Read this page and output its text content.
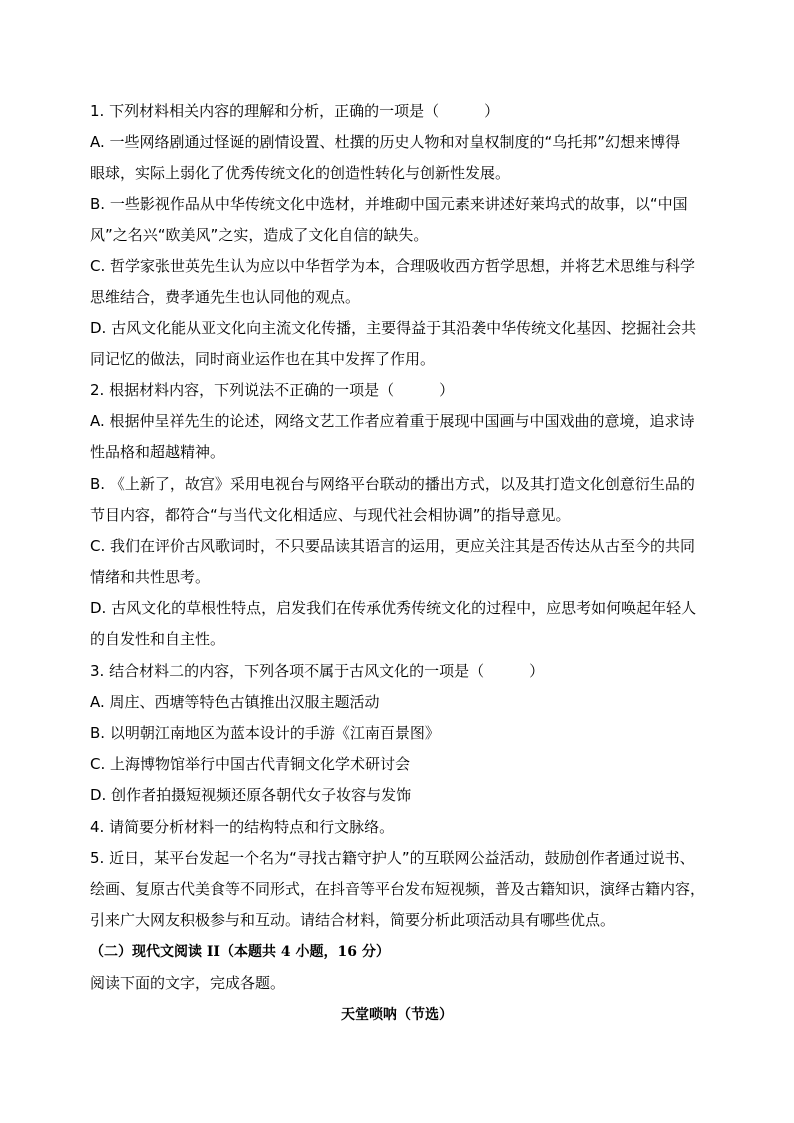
1. 下列材料相关内容的理解和分析，正确的一项是（　　　）
A. 一些网络剧通过怪诞的剧情设置、杜撰的历史人物和对皇权制度的“乌托邦”幻想来博得
眼球，实际上弱化了优秀传统文化的创造性转化与创新性发展。
B. 一些影视作品从中华传统文化中选材，并堆砌中国元素来讲述好莱坞式的故事，以“中国
风”之名兴“欧美风”之实，造成了文化自信的缺失。
C. 哲学家张世英先生认为应以中华哲学为本，合理吸收西方哲学思想，并将艺术思维与科学
思维结合，费孝通先生也认同他的观点。
D. 古风文化能从亚文化向主流文化传播，主要得益于其沿袭中华传统文化基因、挖掘社会共
同记忆的做法，同时商业运作也在其中发挥了作用。
2. 根据材料内容，下列说法不正确的一项是（　　　）
A. 根据仲呈祥先生的论述，网络文艺工作者应着重于展现中国画与中国戏曲的意境，追求诗
性品格和超越精神。
B. 《上新了，故宫》采用电视台与网络平台联动的播出方式，以及其打造文化创意衍生品的
节目内容，都符合“与当代文化相适应、与现代社会相协调”的指导意见。
C. 我们在评价古风歌词时，不只要品读其语言的运用，更应关注其是否传达从古至今的共同
情绪和共性思考。
D. 古风文化的草根性特点，启发我们在传承优秀传统文化的过程中，应思考如何唤起年轻人
的自发性和自主性。
3. 结合材料二的内容，下列各项不属于古风文化的一项是（　　　）
A. 周庄、西塘等特色古镇推出汉服主题活动
B. 以明朝江南地区为蓝本设计的手游《江南百景图》
C. 上海博物馆举行中国古代青铜文化学术研讨会
D. 创作者拍摄短视频还原各朝代女子妆容与发饰
4. 请简要分析材料一的结构特点和行文脉络。
5. 近日，某平台发起一个名为“寻找古籍守护人”的互联网公益活动，鼓励创作者通过说书、
绘画、复原古代美食等不同形式，在抖音等平台发布短视频，普及古籍知识，演绎古籍内容，
引来广大网友积极参与和互动。请结合材料，简要分析此项活动具有哪些优点。
（二）现代文阅读 II（本题共 4 小题，16 分）
阅读下面的文字，完成各题。
天堂唢呐（节选）
